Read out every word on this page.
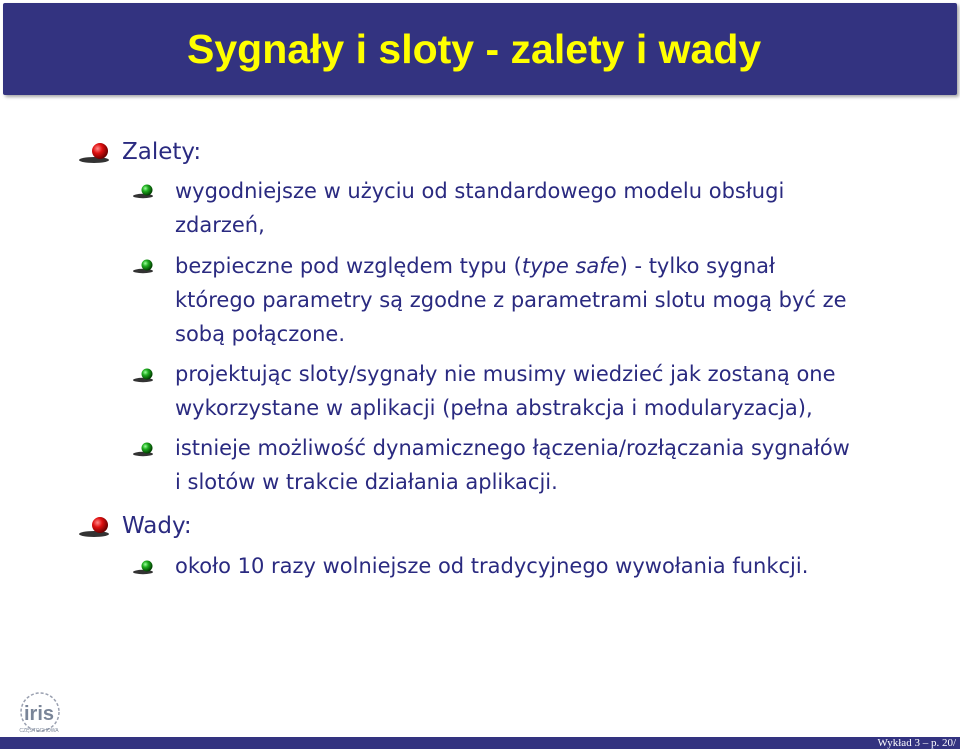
Sygnały i sloty - zalety i wady
Zalety:
wygodniejsze w użyciu od standardowego modelu obsługi
zdarzeń,
bezpieczne pod względem typu (type safe) - tylko sygnał
którego parametry są zgodne z parametrami slotu mogą być ze
sobą połączone.
projektując sloty/sygnały nie musimy wiedzieć jak zostaną one
wykorzystane w aplikacji (pełna abstrakcja i modularyzacja),
istnieje możliwość dynamicznego łączenia/rozłączania sygnałów
i slotów w trakcie działania aplikacji.
Wady:
około 10 razy wolniejsze od tradycyjnego wywołania funkcji.
iris
CZĘSTOCHOWA
Wykład 3 – p. 20/
